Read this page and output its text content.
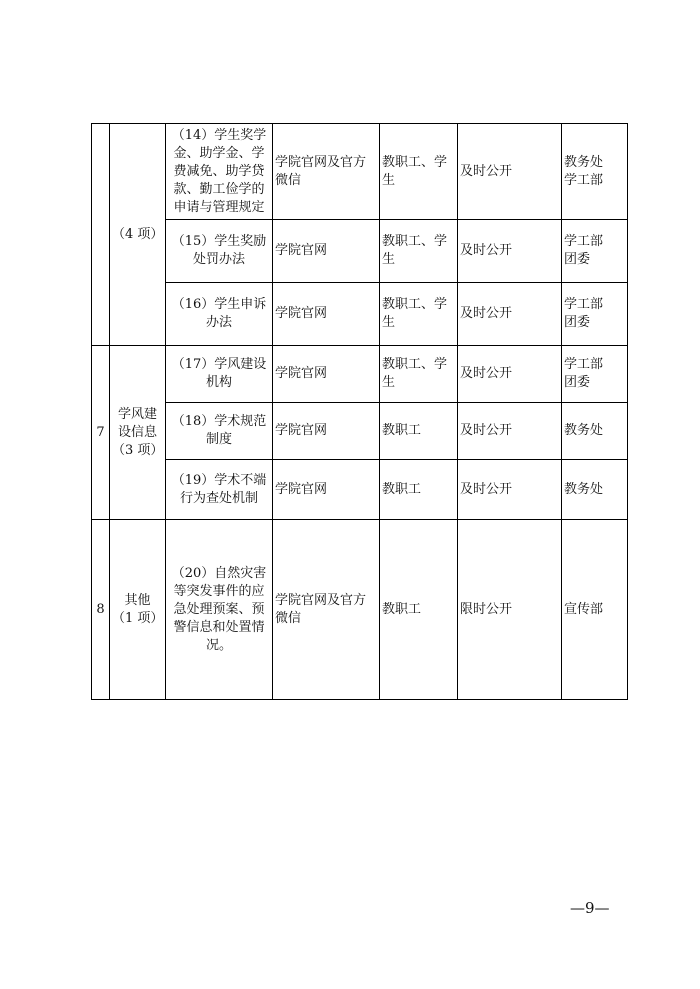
	（4 项）	（14）学生奖学
金、助学金、学
费减免、助学贷
款、勤工俭学的
申请与管理规定	学院官网及官方
微信	教职工、学
生	及时公开	教务处
学工部

		（15）学生奖励
处罚办法	学院官网	教职工、学
生	及时公开	学工部
团委

		（16）学生申诉
办法	学院官网	教职工、学
生	及时公开	学工部
团委

7	学风建
设信息
（3 项）	（17）学风建设
机构	学院官网	教职工、学
生	及时公开	学工部
团委

		（18）学术规范
制度	学院官网	教职工	及时公开	教务处

		（19）学术不端
行为查处机制	学院官网	教职工	及时公开	教务处

8	其他
（1 项）	（20）自然灾害
等突发事件的应
急处理预案、预
警信息和处置情
况。	学院官网及官方
微信	教职工	限时公开	宣传部
—9—
